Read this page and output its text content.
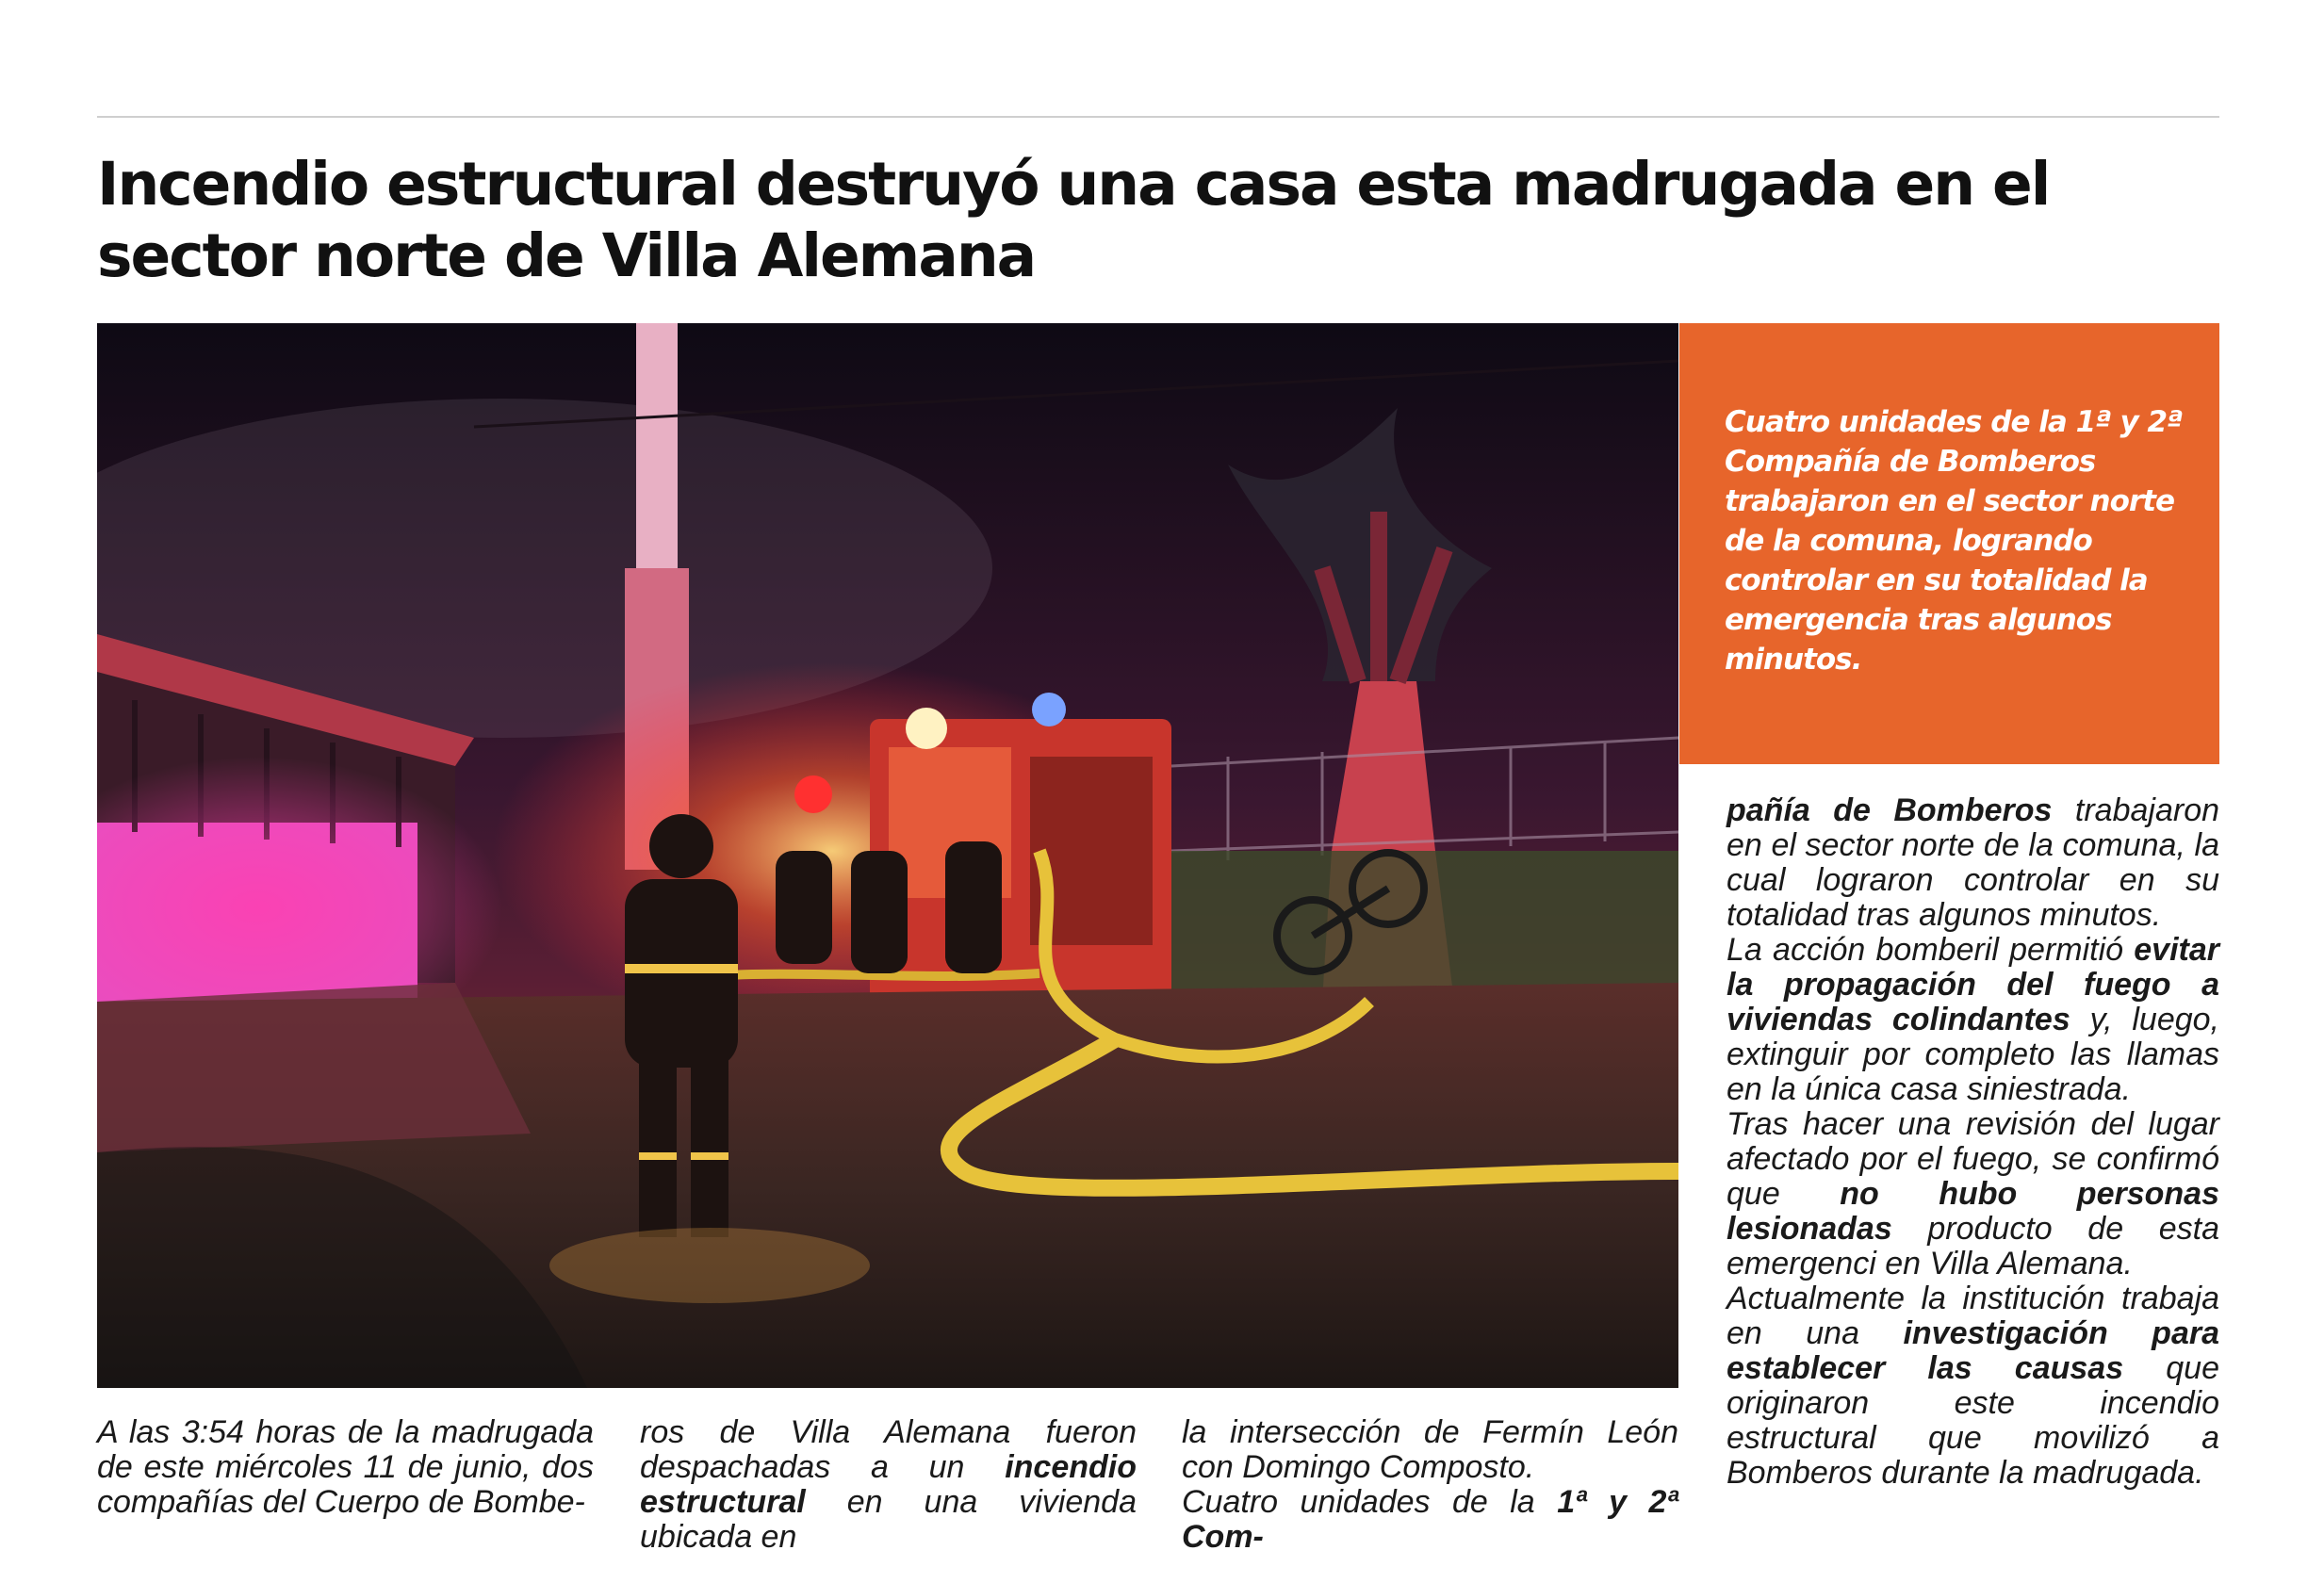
Incendio estructural destruyó una casa esta madrugada en el
sector norte de Villa Alemana

Cuatro unidades de la 1ª y 2ª Compañía de Bomberos trabajaron en el sector norte de la comuna, logrando controlar en su totalidad la emergencia tras algunos minutos.

A las 3:54 horas de la madrugada de este miércoles 11 de junio, dos compañías del Cuerpo de Bombe-

ros de Villa Alemana fueron despachadas a un incendio estructural en una vivienda ubicada en

la intersección de Fermín León con Domingo Composto.

Cuatro unidades de la 1ª y 2ª Com-

pañía de Bomberos trabajaron en el sector norte de la comuna, la cual lograron controlar en su totalidad tras algunos minutos.

La acción bomberil permitió evitar la propagación del fuego a viviendas colindantes y, luego, extinguir por completo las llamas en la única casa siniestrada.

Tras hacer una revisión del lugar afectado por el fuego, se confirmó que no hubo personas lesionadas producto de esta emergenci en Villa Alemana.

Actualmente la institución trabaja en una investigación para establecer las causas que originaron este incendio estructural que movilizó a Bomberos durante la madrugada.
